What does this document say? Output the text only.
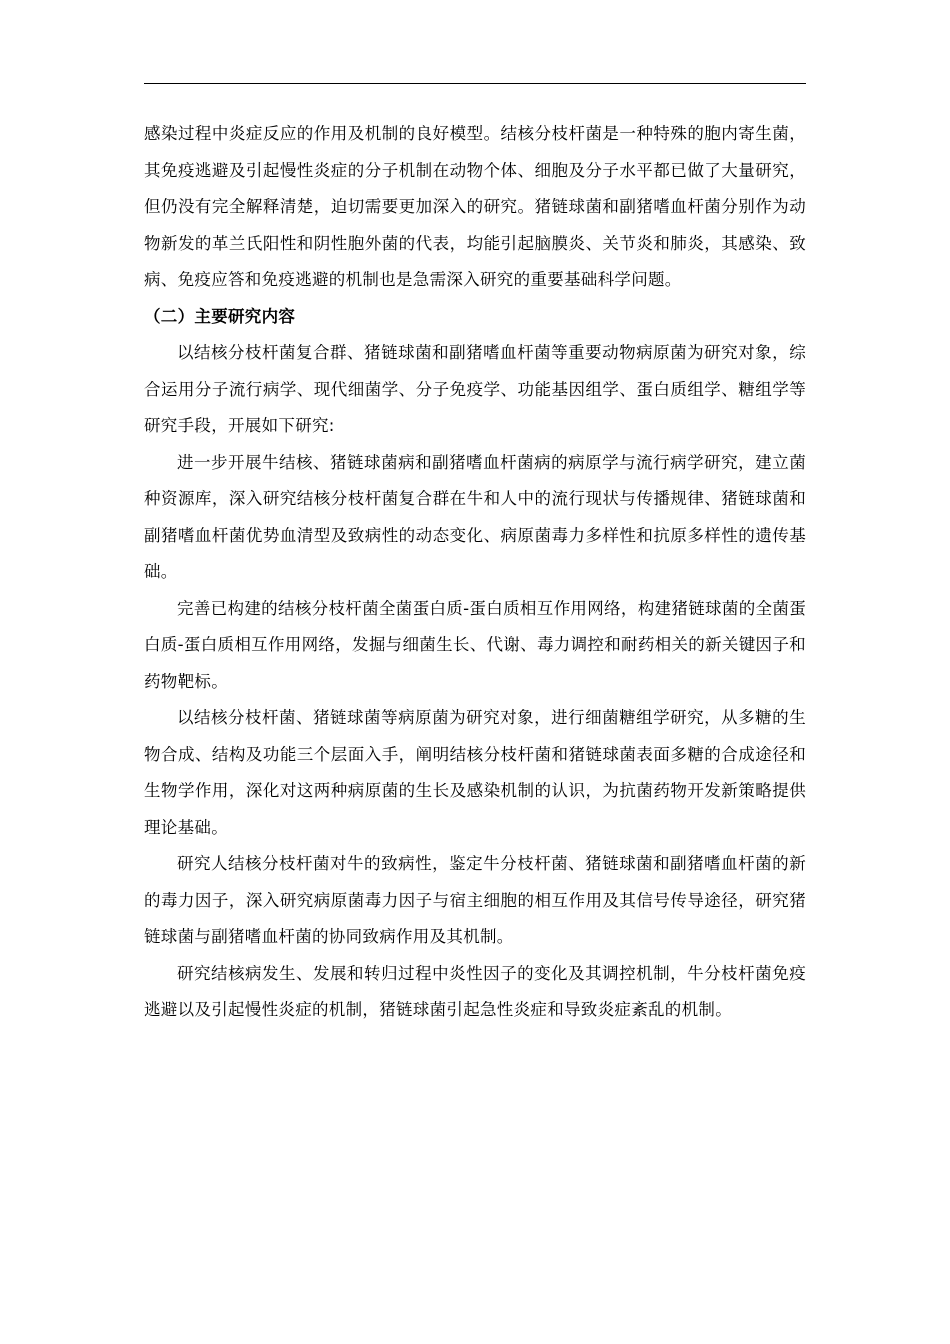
感染过程中炎症反应的作用及机制的良好模型。结核分枝杆菌是一种特殊的胞内寄生菌，其免疫逃避及引起慢性炎症的分子机制在动物个体、细胞及分子水平都已做了大量研究，但仍没有完全解释清楚，迫切需要更加深入的研究。猪链球菌和副猪嗜血杆菌分别作为动物新发的革兰氏阳性和阴性胞外菌的代表，均能引起脑膜炎、关节炎和肺炎，其感染、致病、免疫应答和免疫逃避的机制也是急需深入研究的重要基础科学问题。

（二）主要研究内容

以结核分枝杆菌复合群、猪链球菌和副猪嗜血杆菌等重要动物病原菌为研究对象，综合运用分子流行病学、现代细菌学、分子免疫学、功能基因组学、蛋白质组学、糖组学等研究手段，开展如下研究:

进一步开展牛结核、猪链球菌病和副猪嗜血杆菌病的病原学与流行病学研究，建立菌种资源库，深入研究结核分枝杆菌复合群在牛和人中的流行现状与传播规律、猪链球菌和副猪嗜血杆菌优势血清型及致病性的动态变化、病原菌毒力多样性和抗原多样性的遗传基础。

完善已构建的结核分枝杆菌全菌蛋白质-蛋白质相互作用网络，构建猪链球菌的全菌蛋白质-蛋白质相互作用网络，发掘与细菌生长、代谢、毒力调控和耐药相关的新关键因子和药物靶标。

以结核分枝杆菌、猪链球菌等病原菌为研究对象，进行细菌糖组学研究，从多糖的生物合成、结构及功能三个层面入手，阐明结核分枝杆菌和猪链球菌表面多糖的合成途径和生物学作用，深化对这两种病原菌的生长及感染机制的认识，为抗菌药物开发新策略提供理论基础。

研究人结核分枝杆菌对牛的致病性，鉴定牛分枝杆菌、猪链球菌和副猪嗜血杆菌的新的毒力因子，深入研究病原菌毒力因子与宿主细胞的相互作用及其信号传导途径，研究猪链球菌与副猪嗜血杆菌的协同致病作用及其机制。

研究结核病发生、发展和转归过程中炎性因子的变化及其调控机制，牛分枝杆菌免疫逃避以及引起慢性炎症的机制，猪链球菌引起急性炎症和导致炎症紊乱的机制。
